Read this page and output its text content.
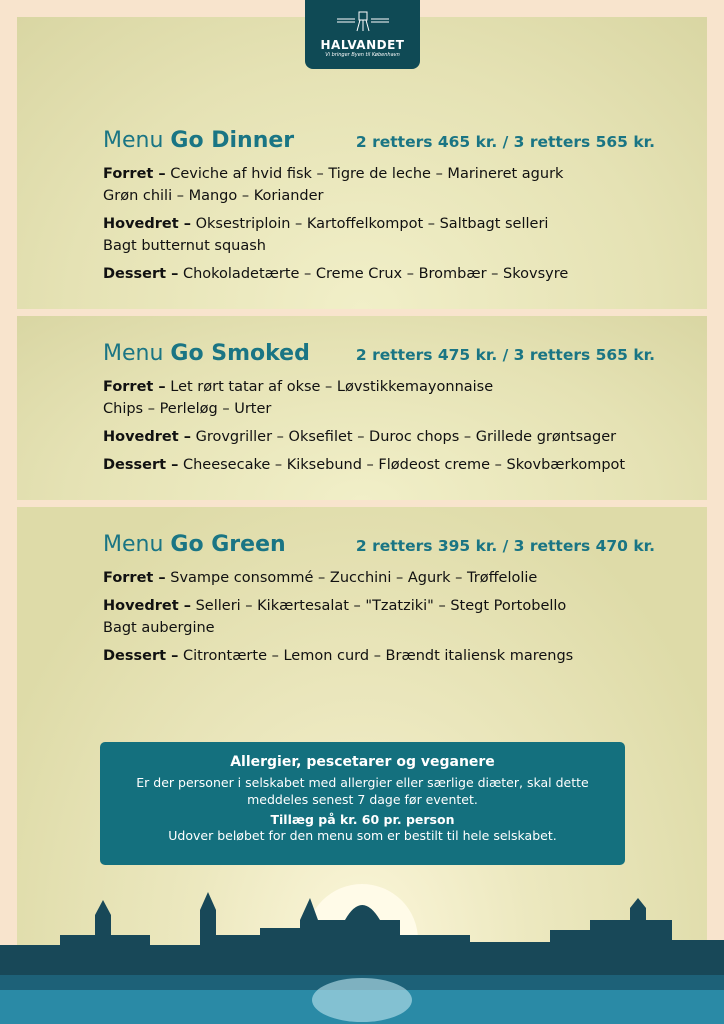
HALVANDET
Vi bringer Byen til København
Menu Go Dinner	2 retters 465 kr. / 3 retters 565 kr.
Forret – Ceviche af hvid fisk – Tigre de leche – Marineret agurk
Grøn chili – Mango – Koriander
Hovedret – Oksestriploin – Kartoffelkompot – Saltbagt selleri
Bagt butternut squash
Dessert – Chokoladetærte – Creme Crux – Brombær – Skovsyre
Menu Go Smoked	2 retters 475 kr. / 3 retters 565 kr.
Forret – Let rørt tatar af okse – Løvstikkemayonnaise
Chips – Perleløg – Urter
Hovedret – Grovgriller – Oksefilet – Duroc chops – Grillede grøntsager
Dessert – Cheesecake – Kiksebund – Flødeost creme – Skovbærkompot
Menu Go Green	2 retters 395 kr. / 3 retters 470 kr.
Forret – Svampe consommé – Zucchini – Agurk – Trøffelolie
Hovedret – Selleri – Kikærtesalat – "Tzatziki" – Stegt Portobello
Bagt aubergine
Dessert – Citrontærte – Lemon curd – Brændt italiensk marengs
Allergier, pescetarer og veganere
Er der personer i selskabet med allergier eller særlige diæter, skal dette meddeles senest 7 dage før eventet.
Tillæg på kr. 60 pr. person
Udover beløbet for den menu som er bestilt til hele selskabet.
